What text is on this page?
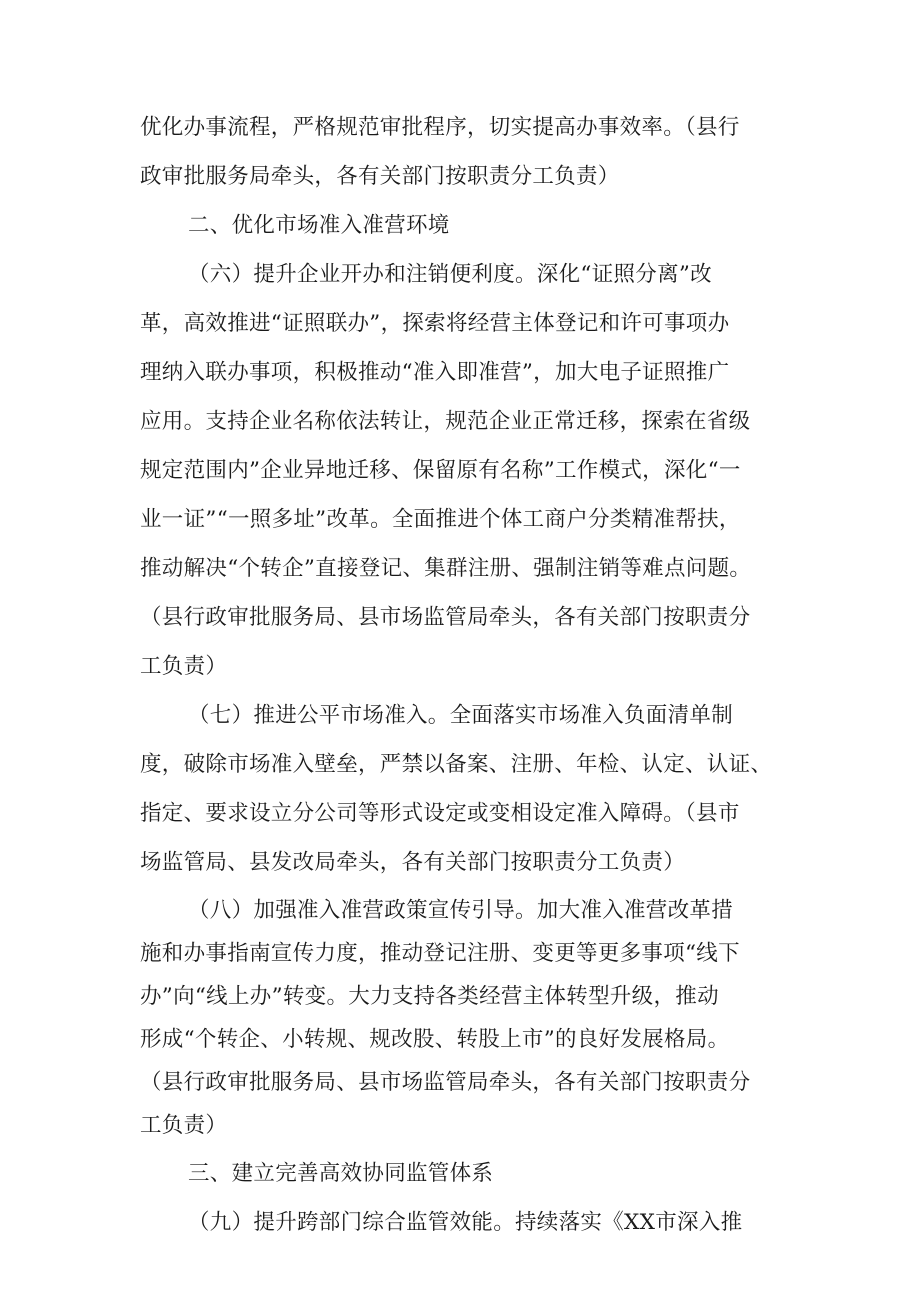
优化办事流程，严格规范审批程序，切实提高办事效率。（县行

政审批服务局牵头，各有关部门按职责分工负责）

二、优化市场准入准营环境

（六）提升企业开办和注销便利度。深化“证照分离”改

革，高效推进“证照联办”，探索将经营主体登记和许可事项办

理纳入联办事项，积极推动“准入即准营”，加大电子证照推广

应用。支持企业名称依法转让，规范企业正常迁移，探索在省级

规定范围内”企业异地迁移、保留原有名称”工作模式，深化“一

业一证”“一照多址”改革。全面推进个体工商户分类精准帮扶，

推动解决“个转企”直接登记、集群注册、强制注销等难点问题。

（县行政审批服务局、县市场监管局牵头，各有关部门按职责分

工负责）

（七）推进公平市场准入。全面落实市场准入负面清单制

度，破除市场准入壁垒，严禁以备案、注册、年检、认定、认证、

指定、要求设立分公司等形式设定或变相设定准入障碍。（县市

场监管局、县发改局牵头，各有关部门按职责分工负责）

（八）加强准入准营政策宣传引导。加大准入准营改革措

施和办事指南宣传力度，推动登记注册、变更等更多事项“线下

办”向“线上办”转变。大力支持各类经营主体转型升级，推动

形成“个转企、小转规、规改股、转股上市”的良好发展格局。

（县行政审批服务局、县市场监管局牵头，各有关部门按职责分

工负责）

三、建立完善高效协同监管体系

（九）提升跨部门综合监管效能。持续落实《XX市深入推
